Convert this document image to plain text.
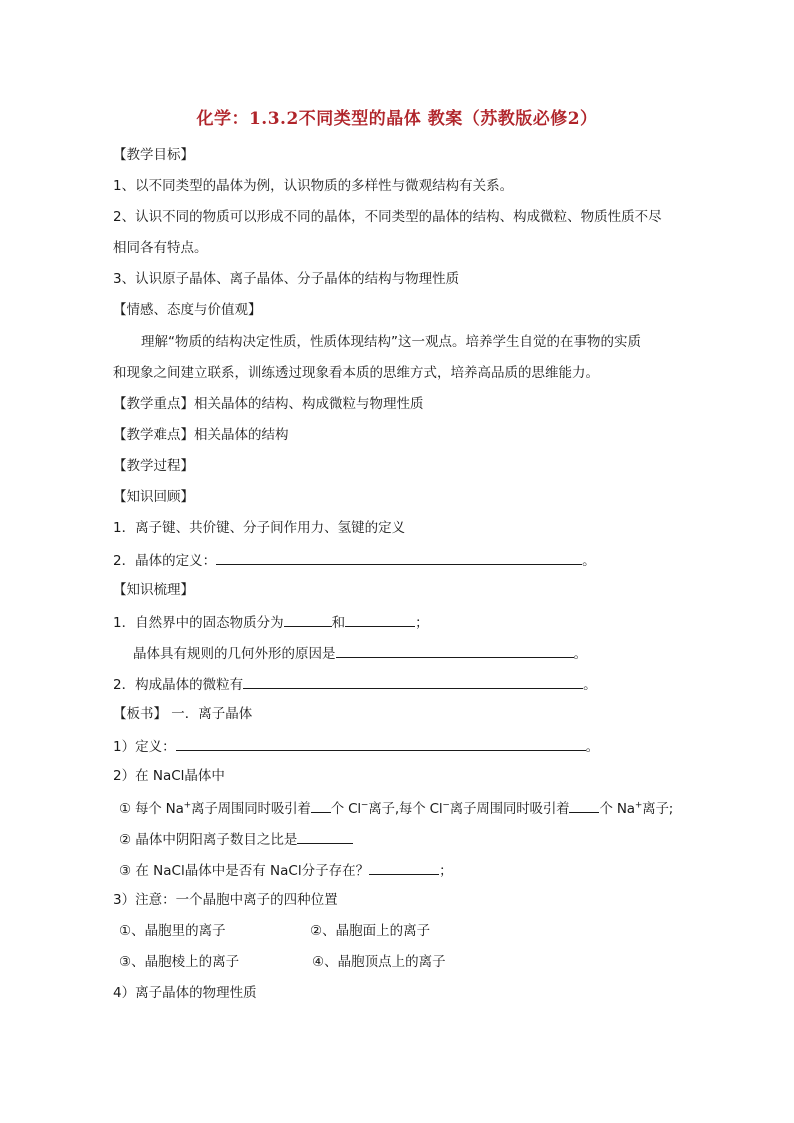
化学：1.3.2不同类型的晶体 教案（苏教版必修2）
【教学目标】
1、以不同类型的晶体为例，认识物质的多样性与微观结构有关系。
2、认识不同的物质可以形成不同的晶体，不同类型的晶体的结构、构成微粒、物质性质不尽
相同各有特点。
3、认识原子晶体、离子晶体、分子晶体的结构与物理性质
【情感、态度与价值观】
理解“物质的结构决定性质，性质体现结构”这一观点。培养学生自觉的在事物的实质
和现象之间建立联系，训练透过现象看本质的思维方式，培养高品质的思维能力。
【教学重点】相关晶体的结构、构成微粒与物理性质
【教学难点】相关晶体的结构
【教学过程】
【知识回顾】
1．离子键、共价键、分子间作用力、氢键的定义
2．晶体的定义：	。
【知识梳理】
1．自然界中的固态物质分为	和	；
晶体具有规则的几何外形的原因是	。
2．构成晶体的微粒有	。
【板书】 一．离子晶体
1）定义：	。
2）在 NaCl晶体中
① 每个 Na+离子周围同时吸引着 个 Cl−离子,每个 Cl−离子周围同时吸引着 个 Na+离子;
② 晶体中阴阳离子数目之比是
③ 在 NaCl晶体中是否有 NaCl分子存在？	；
3）注意：一个晶胞中离子的四种位置
①、晶胞里的离子	②、晶胞面上的离子
③、晶胞棱上的离子	④、晶胞顶点上的离子
4）离子晶体的物理性质
